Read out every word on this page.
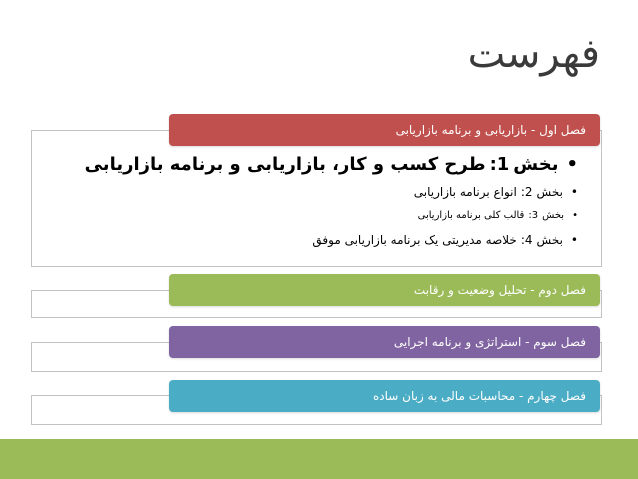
فهرست
فصل اول - بازاریابی و برنامه بازاریابی
•
بخش
1:
طرح کسب و کار، بازاریابی و برنامه بازاریابی
•
بخش
2:
انواع برنامه بازاریابی
•
بخش
3:
قالب کلی برنامه بازاریابی
•
بخش
4:
خلاصه مدیریتی یک برنامه بازاریابی موفق
فصل دوم - تحلیل وضعیت و رقابت
فصل سوم - استراتژی و برنامه اجرایی
فصل چهارم - محاسبات مالی به زبان ساده
